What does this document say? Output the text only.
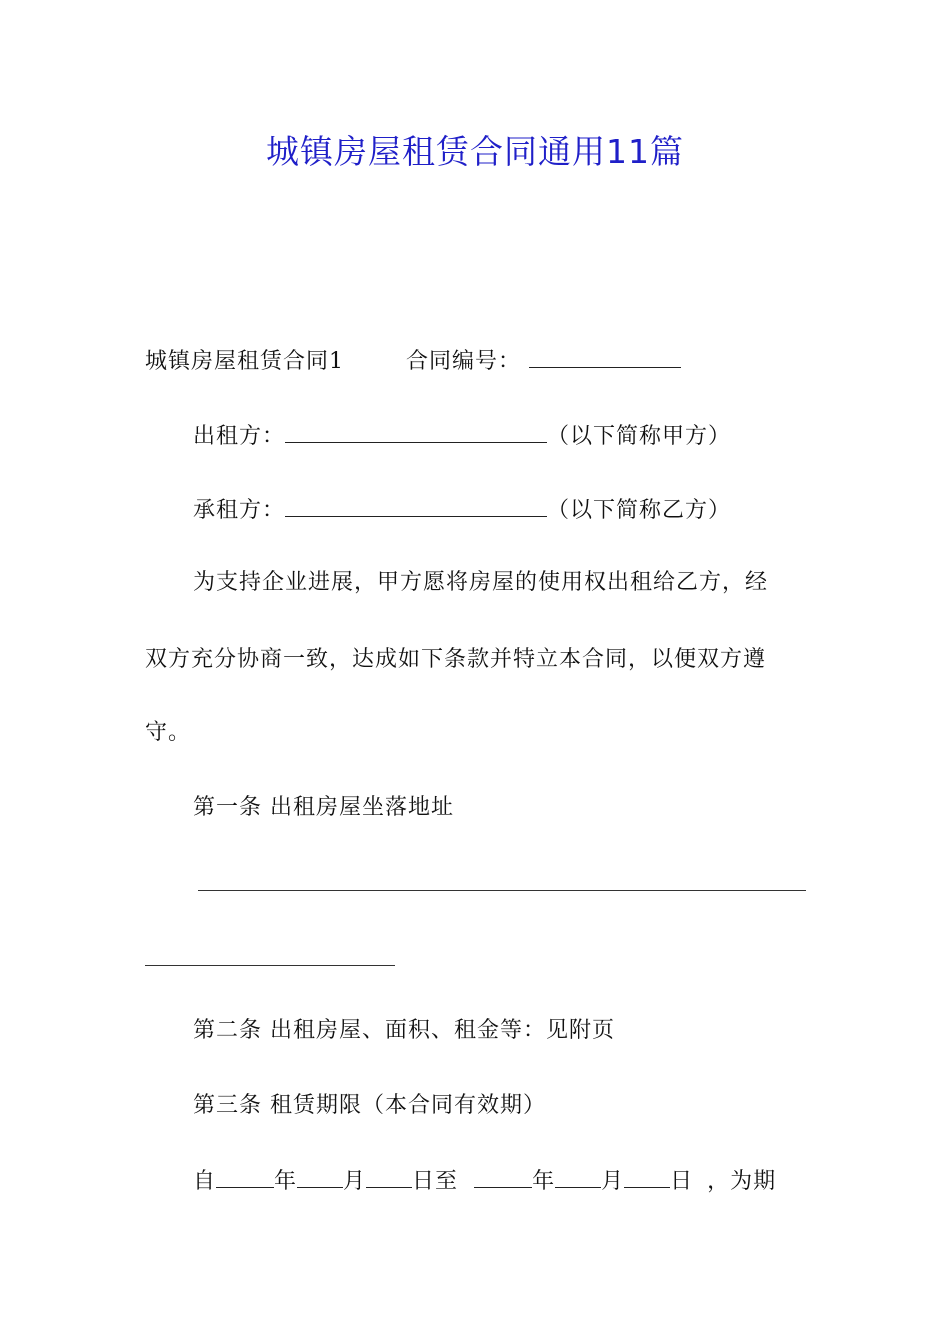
城镇房屋租赁合同通用11篇
城镇房屋租赁合同1	合同编号：
出租方：	（以下简称甲方）
承租方：	（以下简称乙方）
为支持企业进展，甲方愿将房屋的使用权出租给乙方，经
双方充分协商一致，达成如下条款并特立本合同，以便双方遵
守。
第一条 出租房屋坐落地址
第二条 出租房屋、面积、租金等：见附页
第三条 租赁期限（本合同有效期）
自	年 月 日至	年 月 日 ，为期
